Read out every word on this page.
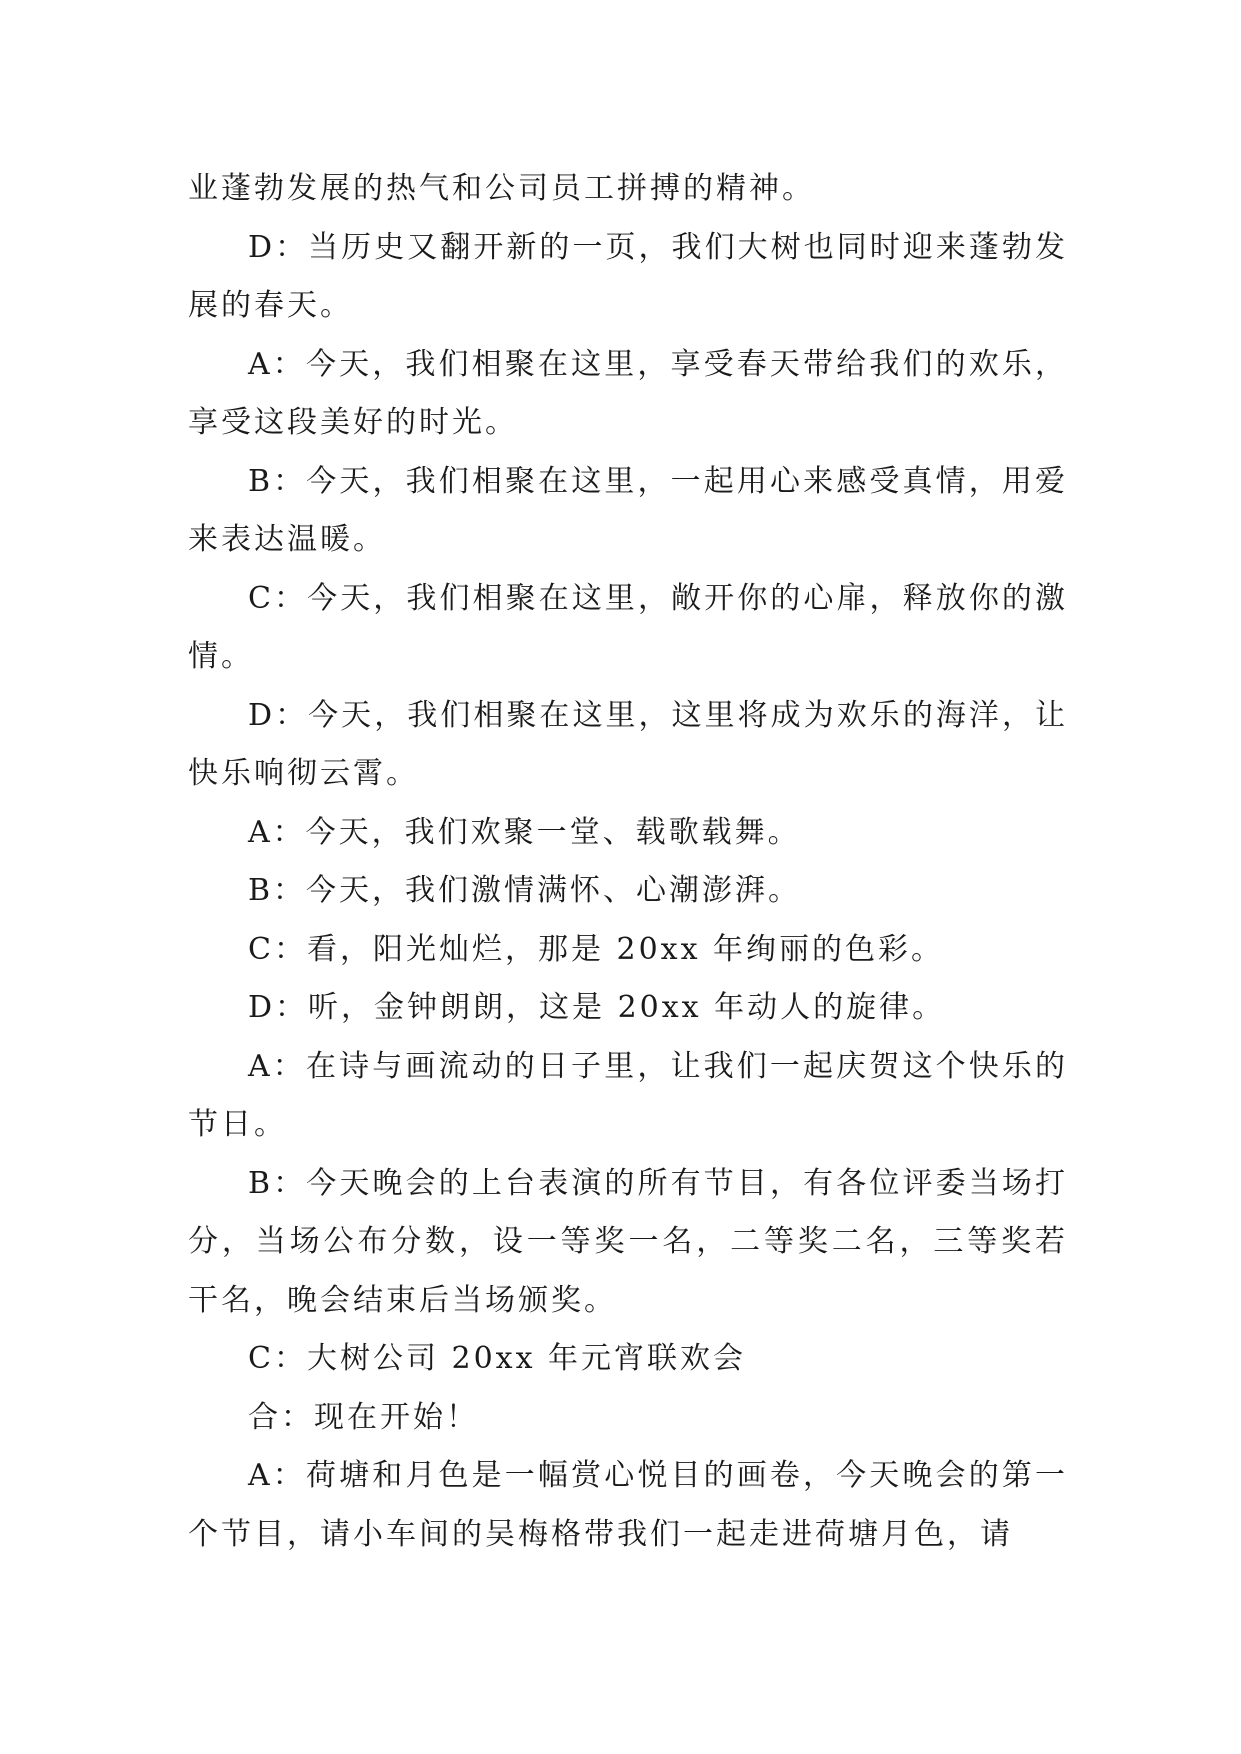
业蓬勃发展的热气和公司员工拼搏的精神。

D：当历史又翻开新的一页，我们大树也同时迎来蓬勃发展的春天。

A：今天，我们相聚在这里，享受春天带给我们的欢乐，享受这段美好的时光。

B：今天，我们相聚在这里，一起用心来感受真情，用爱来表达温暖。

C：今天，我们相聚在这里，敞开你的心扉，释放你的激情。

D：今天，我们相聚在这里，这里将成为欢乐的海洋，让快乐响彻云霄。

A：今天，我们欢聚一堂、载歌载舞。

B：今天，我们激情满怀、心潮澎湃。

C：看，阳光灿烂，那是 20xx 年绚丽的色彩。

D：听，金钟朗朗，这是 20xx 年动人的旋律。

A：在诗与画流动的日子里，让我们一起庆贺这个快乐的节日。

B：今天晚会的上台表演的所有节目，有各位评委当场打分，当场公布分数，设一等奖一名，二等奖二名，三等奖若干名，晚会结束后当场颁奖。

C：大树公司 20xx 年元宵联欢会

合：现在开始！

A：荷塘和月色是一幅赏心悦目的画卷，今天晚会的第一个节目，请小车间的吴梅格带我们一起走进荷塘月色，请
